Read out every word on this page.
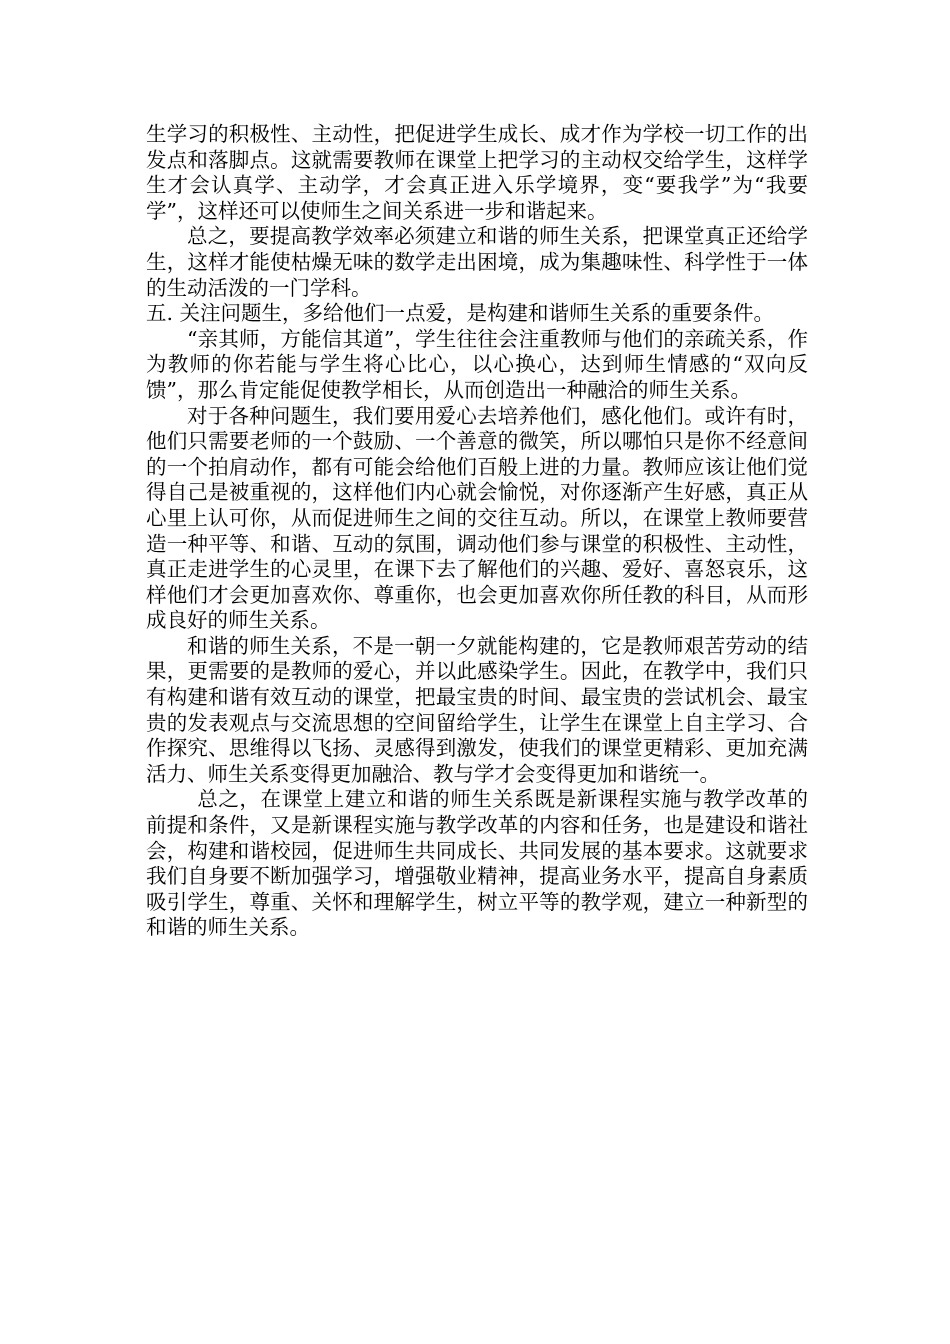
生学习的积极性、主动性，把促进学生成长、成才作为学校一切工作的出发点和落脚点。这就需要教师在课堂上把学习的主动权交给学生，这样学生才会认真学、主动学，才会真正进入乐学境界，变“要我学”为“我要学”，这样还可以使师生之间关系进一步和谐起来。

总之，要提高教学效率必须建立和谐的师生关系，把课堂真正还给学生，这样才能使枯燥无味的数学走出困境，成为集趣味性、科学性于一体的生动活泼的一门学科。

五. 关注问题生，多给他们一点爱，是构建和谐师生关系的重要条件。

“亲其师，方能信其道”，学生往往会注重教师与他们的亲疏关系，作为教师的你若能与学生将心比心，以心换心，达到师生情感的“双向反馈”，那么肯定能促使教学相长，从而创造出一种融洽的师生关系。

对于各种问题生，我们要用爱心去培养他们，感化他们。或许有时，他们只需要老师的一个鼓励、一个善意的微笑，所以哪怕只是你不经意间的一个拍肩动作，都有可能会给他们百般上进的力量。教师应该让他们觉得自己是被重视的，这样他们内心就会愉悦，对你逐渐产生好感，真正从心里上认可你，从而促进师生之间的交往互动。所以，在课堂上教师要营造一种平等、和谐、互动的氛围，调动他们参与课堂的积极性、主动性，真正走进学生的心灵里，在课下去了解他们的兴趣、爱好、喜怒哀乐，这样他们才会更加喜欢你、尊重你，也会更加喜欢你所任教的科目，从而形成良好的师生关系。

和谐的师生关系，不是一朝一夕就能构建的，它是教师艰苦劳动的结果，更需要的是教师的爱心，并以此感染学生。因此，在教学中，我们只有构建和谐有效互动的课堂，把最宝贵的时间、最宝贵的尝试机会、最宝贵的发表观点与交流思想的空间留给学生，让学生在课堂上自主学习、合作探究、思维得以飞扬、灵感得到激发，使我们的课堂更精彩、更加充满活力、师生关系变得更加融洽、教与学才会变得更加和谐统一。

总之，在课堂上建立和谐的师生关系既是新课程实施与教学改革的前提和条件，又是新课程实施与教学改革的内容和任务，也是建设和谐社会，构建和谐校园，促进师生共同成长、共同发展的基本要求。这就要求我们自身要不断加强学习，增强敬业精神，提高业务水平，提高自身素质吸引学生，尊重、关怀和理解学生，树立平等的教学观，建立一种新型的和谐的师生关系。
